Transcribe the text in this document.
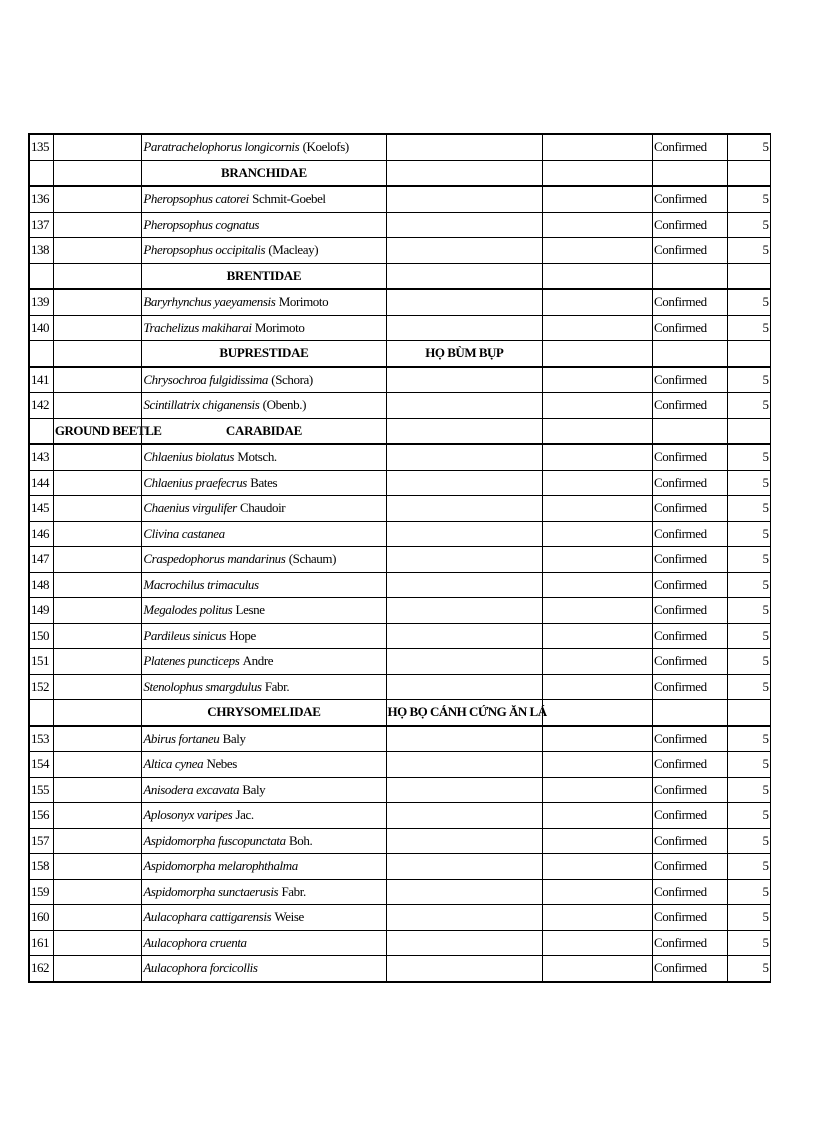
135		Paratrachelophorus longicornis (Koelofs)			Confirmed	5
		BRANCHIDAE				
136		Pheropsophus catorei Schmit-Goebel			Confirmed	5
137		Pheropsophus cognatus			Confirmed	5
138		Pheropsophus occipitalis (Macleay)			Confirmed	5
		BRENTIDAE				
139		Baryrhynchus yaeyamensis Morimoto			Confirmed	5
140		Trachelizus makiharai Morimoto			Confirmed	5
		BUPRESTIDAE	HỌ BÙM BỤP			
141		Chrysochroa fulgidissima (Schora)			Confirmed	5
142		Scintillatrix chiganensis (Obenb.)			Confirmed	5
	GROUND BEETLE	CARABIDAE				
143		Chlaenius biolatus Motsch.			Confirmed	5
144		Chlaenius praefecrus Bates			Confirmed	5
145		Chaenius virgulifer Chaudoir			Confirmed	5
146		Clivina castanea			Confirmed	5
147		Craspedophorus mandarinus (Schaum)			Confirmed	5
148		Macrochilus trimaculus			Confirmed	5
149		Megalodes politus Lesne			Confirmed	5
150		Pardileus sinicus Hope			Confirmed	5
151		Platenes puncticeps Andre			Confirmed	5
152		Stenolophus smargdulus Fabr.			Confirmed	5
		CHRYSOMELIDAE	HỌ BỌ CÁNH CỨNG ĂN LÁ			
153		Abirus fortaneu Baly			Confirmed	5
154		Altica cynea Nebes			Confirmed	5
155		Anisodera excavata Baly			Confirmed	5
156		Aplosonyx varipes Jac.			Confirmed	5
157		Aspidomorpha fuscopunctata Boh.			Confirmed	5
158		Aspidomorpha melarophthalma			Confirmed	5
159		Aspidomorpha sunctaerusis Fabr.			Confirmed	5
160		Aulacophara cattigarensis Weise			Confirmed	5
161		Aulacophora cruenta			Confirmed	5
162		Aulacophora forcicollis			Confirmed	5
